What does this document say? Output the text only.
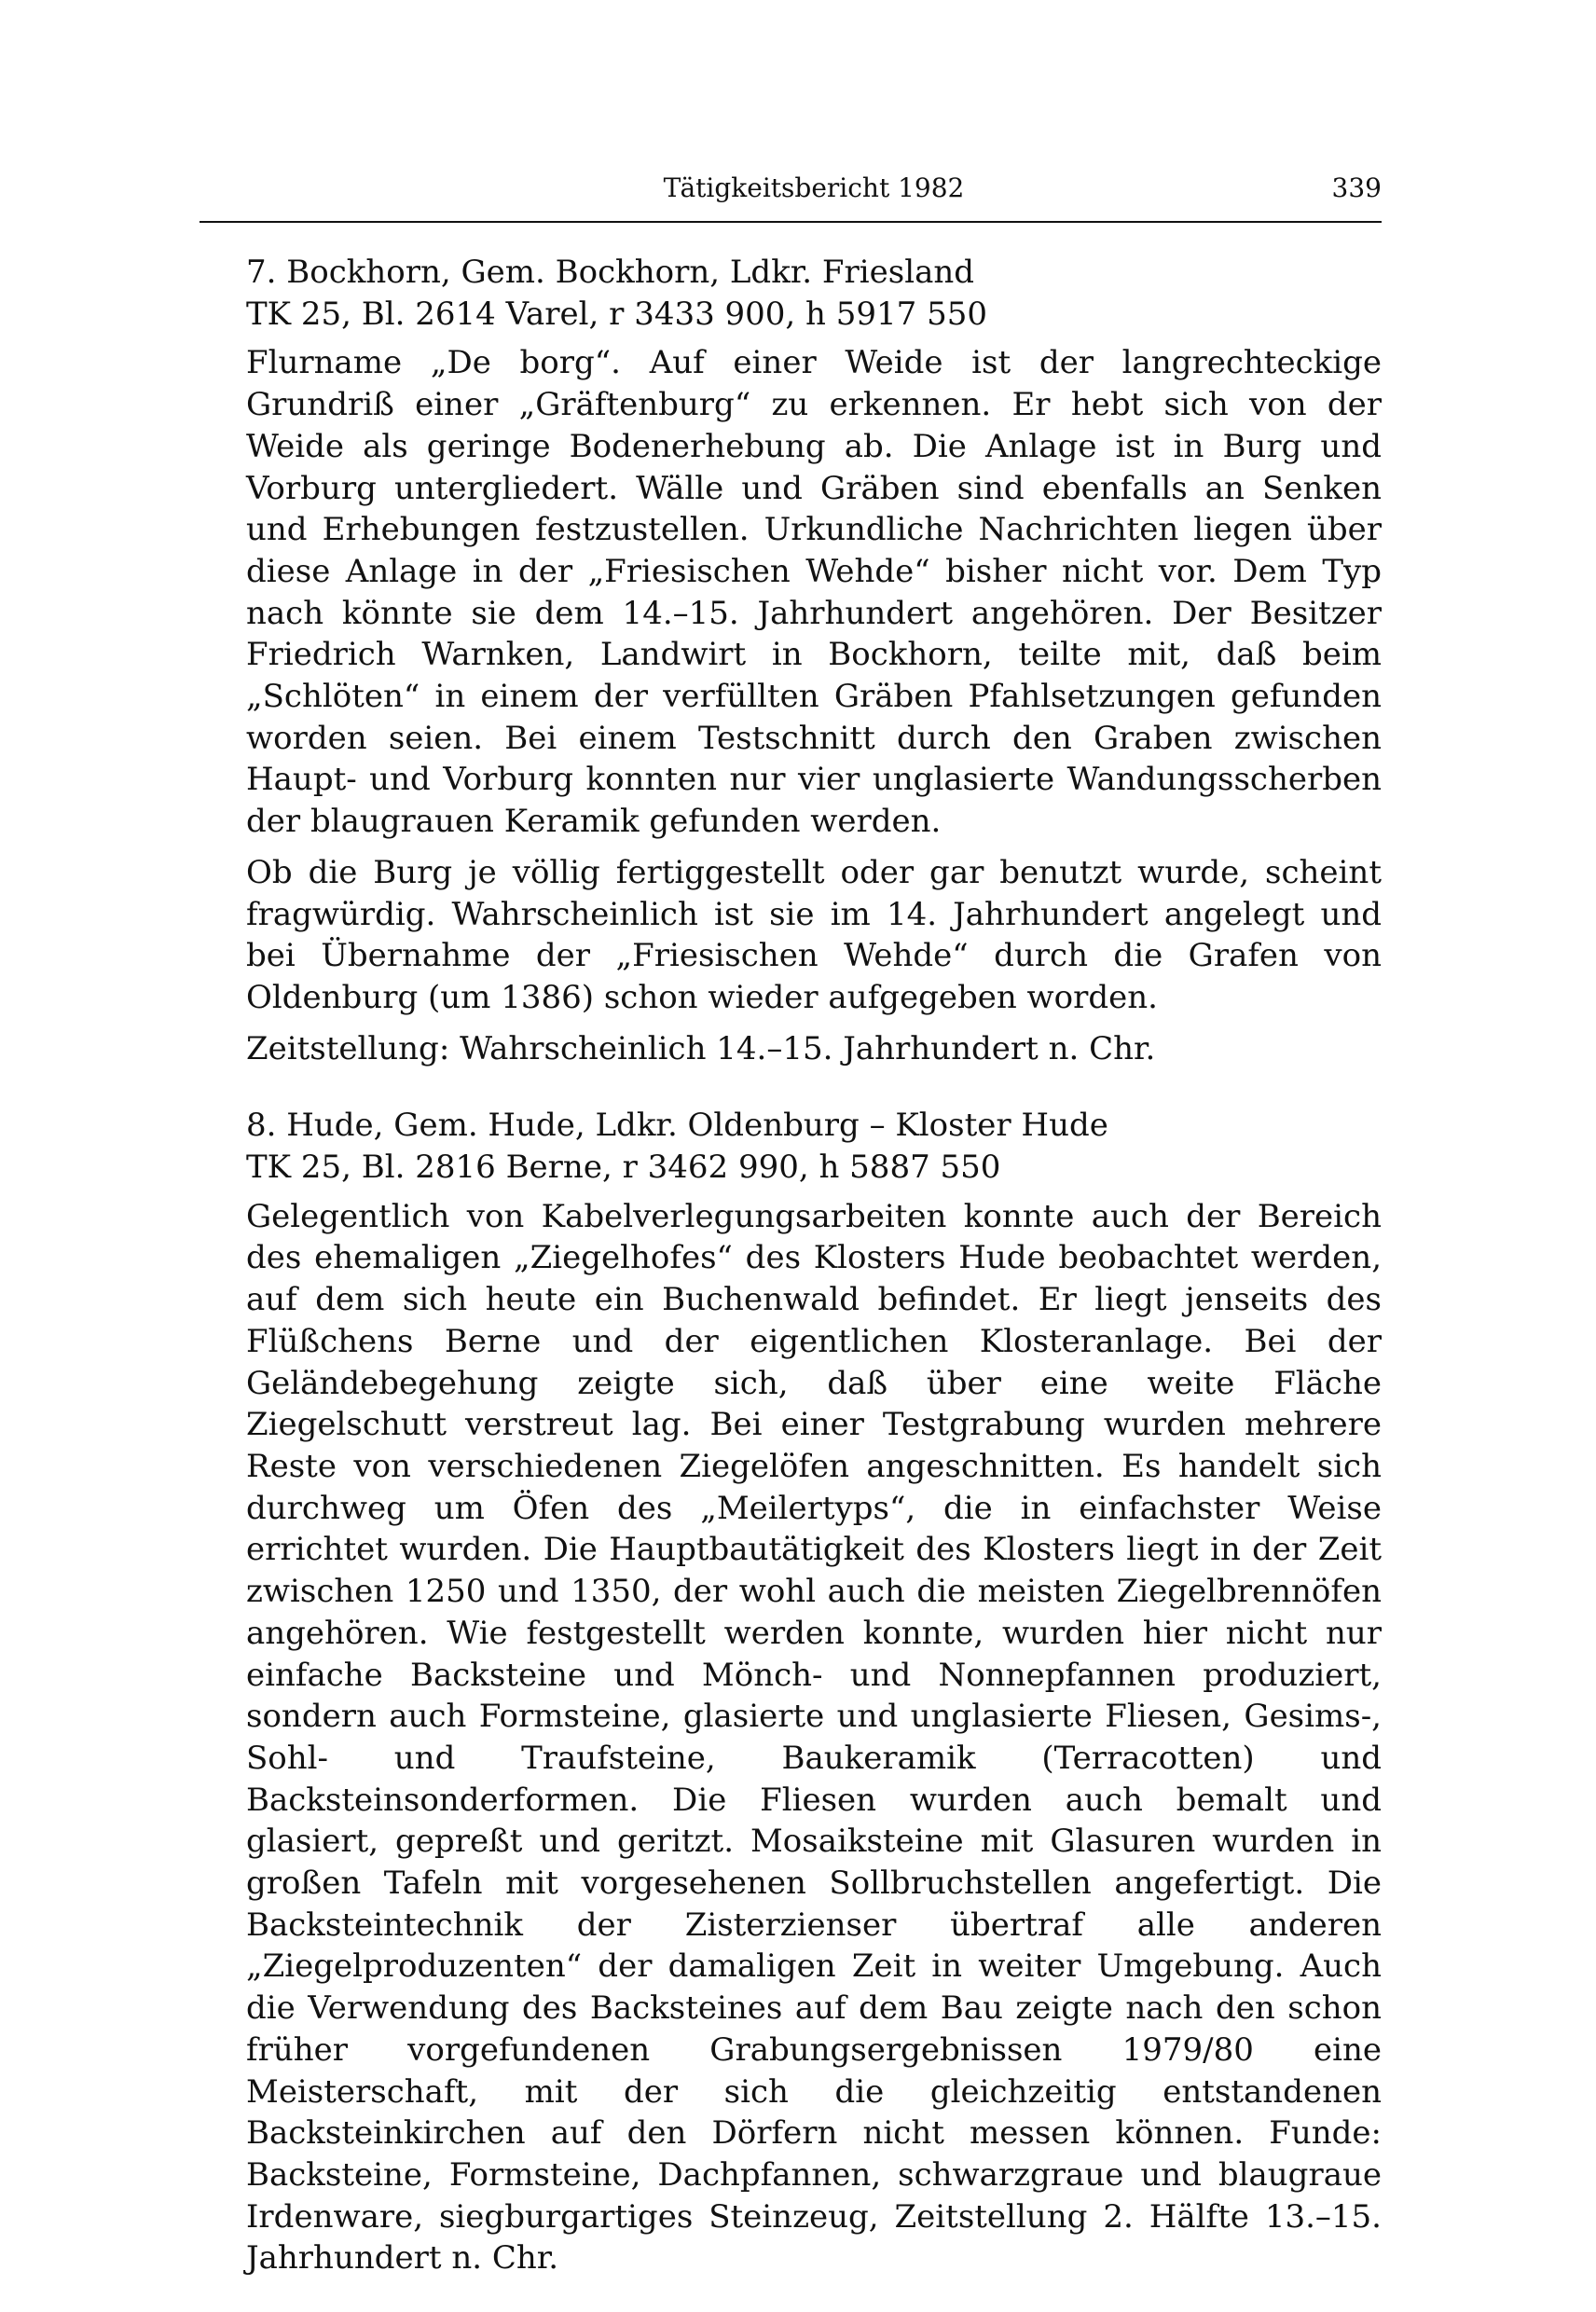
Tätigkeitsbericht 1982	339
7. Bockhorn, Gem. Bockhorn, Ldkr. Friesland
TK 25, Bl. 2614 Varel, r 3433 900, h 5917 550

Flurname „De borg“. Auf einer Weide ist der langrechteckige Grundriß einer „Gräftenburg“ zu erkennen. Er hebt sich von der Weide als geringe Bodenerhebung ab. Die Anlage ist in Burg und Vorburg untergliedert. Wälle und Gräben sind ebenfalls an Senken und Erhebungen festzustellen. Urkundliche Nachrichten liegen über diese Anlage in der „Friesischen Wehde“ bisher nicht vor. Dem Typ nach könnte sie dem 14.–15. Jahrhundert angehören. Der Besitzer Friedrich Warnken, Landwirt in Bockhorn, teilte mit, daß beim „Schlöten“ in einem der verfüllten Gräben Pfahlsetzungen gefunden worden seien. Bei einem Testschnitt durch den Graben zwischen Haupt- und Vorburg konnten nur vier unglasierte Wandungsscherben der blaugrauen Keramik gefunden werden.

Ob die Burg je völlig fertiggestellt oder gar benutzt wurde, scheint fragwürdig. Wahrscheinlich ist sie im 14. Jahrhundert angelegt und bei Übernahme der „Friesischen Wehde“ durch die Grafen von Oldenburg (um 1386) schon wieder aufgegeben worden.

Zeitstellung: Wahrscheinlich 14.–15. Jahrhundert n. Chr.

8. Hude, Gem. Hude, Ldkr. Oldenburg – Kloster Hude
TK 25, Bl. 2816 Berne, r 3462 990, h 5887 550

Gelegentlich von Kabelverlegungsarbeiten konnte auch der Bereich des ehemaligen „Ziegelhofes“ des Klosters Hude beobachtet werden, auf dem sich heute ein Buchenwald befindet. Er liegt jenseits des Flüßchens Berne und der eigentlichen Klosteranlage. Bei der Geländebegehung zeigte sich, daß über eine weite Fläche Ziegelschutt verstreut lag. Bei einer Testgrabung wurden mehrere Reste von verschiedenen Ziegelöfen angeschnitten. Es handelt sich durchweg um Öfen des „Meilertyps“, die in einfachster Weise errichtet wurden. Die Hauptbautätigkeit des Klosters liegt in der Zeit zwischen 1250 und 1350, der wohl auch die meisten Ziegelbrennöfen angehören. Wie festgestellt werden konnte, wurden hier nicht nur einfache Backsteine und Mönch- und Nonnepfannen produziert, sondern auch Formsteine, glasierte und unglasierte Fliesen, Gesims-, Sohl- und Traufsteine, Baukeramik (Terracotten) und Backsteinsonderformen. Die Fliesen wurden auch bemalt und glasiert, gepreßt und geritzt. Mosaiksteine mit Glasuren wurden in großen Tafeln mit vorgesehenen Sollbruchstellen angefertigt. Die Backsteintechnik der Zisterzienser übertraf alle anderen „Ziegelproduzenten“ der damaligen Zeit in weiter Umgebung. Auch die Verwendung des Backsteines auf dem Bau zeigte nach den schon früher vorgefundenen Grabungsergebnissen 1979/80 eine Meisterschaft, mit der sich die gleichzeitig entstandenen Backsteinkirchen auf den Dörfern nicht messen können. Funde: Backsteine, Formsteine, Dachpfannen, schwarzgraue und blaugraue Irdenware, siegburgartiges Steinzeug, Zeitstellung 2. Hälfte 13.–15. Jahrhundert n. Chr.
